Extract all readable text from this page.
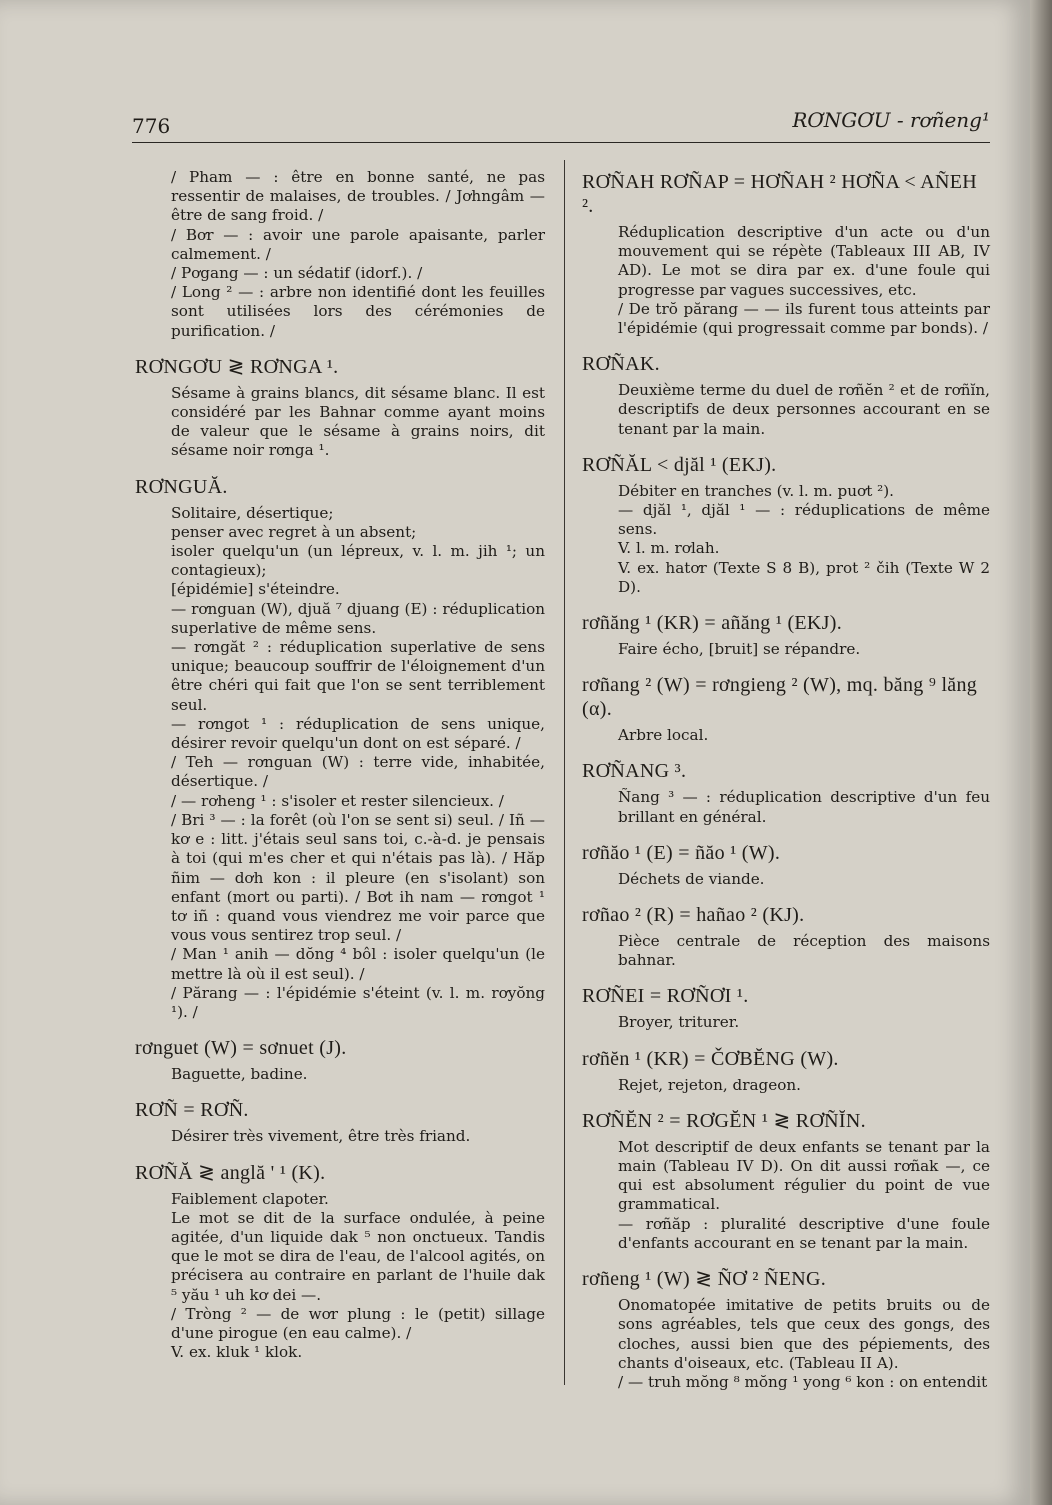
776	RƠNGƠU - rơñeng¹

/ Pham — : être en bonne santé, ne pas ressentir de malaises, de troubles. / Jơhngâm — être de sang froid. /

/ Bơr — : avoir une parole apaisante, parler calmement. /

/ Pơgang — : un sédatif (idorf.). /

/ Long ² — : arbre non identifié dont les feuilles sont utilisées lors des cérémonies de purification. /

RƠNGƠU ≷ RƠNGA ¹.

Sésame à grains blancs, dit sésame blanc. Il est considéré par les Bahnar comme ayant moins de valeur que le sésame à grains noirs, dit sésame noir rơnga ¹.

RƠNGUĂ.

Solitaire, désertique;

penser avec regret à un absent;

isoler quelqu'un (un lépreux, v. l. m. jih ¹; un contagieux);

[épidémie] s'éteindre.

— rơnguan (W), djuă ⁷ djuang (E) : réduplication superlative de même sens.

— rơngăt ² : réduplication superlative de sens unique; beaucoup souffrir de l'éloignement d'un être chéri qui fait que l'on se sent terriblement seul.

— rơngot ¹ : réduplication de sens unique, désirer revoir quelqu'un dont on est séparé. /

/ Teh — rơnguan (W) : terre vide, inhabitée, désertique. /

/ — rơheng ¹ : s'isoler et rester silencieux. /

/ Bri ³ — : la forêt (où l'on se sent si) seul. / Iñ — kơ e : litt. j'étais seul sans toi, c.-à-d. je pensais à toi (qui m'es cher et qui n'étais pas là). / Hăp ñim — dơh kon : il pleure (en s'isolant) son enfant (mort ou parti). / Bơt ih nam — rơngot ¹ tơ iñ : quand vous viendrez me voir parce que vous vous sentirez trop seul. /

/ Man ¹ anih — dŏng ⁴ bôl : isoler quelqu'un (le mettre là où il est seul). /

/ Părang — : l'épidémie s'éteint (v. l. m. rơyŏng ¹). /

rơnguet (W) = sơnuet (J).

Baguette, badine.

RƠÑ = RƠÑ.

Désirer très vivement, être très friand.

RƠÑĂ ≷ anglă ' ¹ (K).

Faiblement clapoter.

Le mot se dit de la surface ondulée, à peine agitée, d'un liquide dak ⁵ non onctueux. Tandis que le mot se dira de l'eau, de l'alcool agités, on précisera au contraire en parlant de l'huile dak ⁵ yău ¹ uh kơ dei —.

/ Tròng ² — de wơr plung : le (petit) sillage d'une pirogue (en eau calme). /

V. ex. kluk ¹ klok.

RƠÑAH RƠÑAP = HƠÑAH ² HƠÑA < AÑEH ².

Réduplication descriptive d'un acte ou d'un mouvement qui se répète (Tableaux III AB, IV AD). Le mot se dira par ex. d'une foule qui progresse par vagues successives, etc.

/ De trŏ părang — — ils furent tous atteints par l'épidémie (qui progressait comme par bonds). /

RƠÑAK.

Deuxième terme du duel de rơñĕn ² et de rơñĭn, descriptifs de deux personnes accourant en se tenant par la main.

RƠÑĂL < djăl ¹ (EKJ).

Débiter en tranches (v. l. m. puơt ²).

— djăl ¹, djăl ¹ — : réduplications de même sens.

V. l. m. rơlah.

V. ex. hatơr (Texte S 8 B), prot ² čih (Texte W 2 D).

rơñăng ¹ (KR) = añăng ¹ (EKJ).

Faire écho, [bruit] se répandre.

rơñang ² (W) = rơngieng ² (W), mq. băng ⁹ lăng (α).

Arbre local.

RƠÑANG ³.

Ñang ³ — : réduplication descriptive d'un feu brillant en général.

rơñăo ¹ (E) = ñăo ¹ (W).

Déchets de viande.

rơñao ² (R) = hañao ² (KJ).

Pièce centrale de réception des maisons bahnar.

RƠÑEI = RƠÑƠI ¹.

Broyer, triturer.

rơñĕn ¹ (KR) = ČƠBĔNG (W).

Rejet, rejeton, drageon.

RƠÑĔN ² = RƠGĔN ¹ ≷ RƠÑĬN.

Mot descriptif de deux enfants se tenant par la main (Tableau IV D). On dit aussi rơñak —, ce qui est absolument régulier du point de vue grammatical.

— rơñăp : pluralité descriptive d'une foule d'enfants accourant en se tenant par la main.

rơñeng ¹ (W) ≷ ÑƠ ² ÑENG.

Onomatopée imitative de petits bruits ou de sons agréables, tels que ceux des gongs, des cloches, aussi bien que des pépiements, des chants d'oiseaux, etc. (Tableau II A).

/ — truh mŏng ⁸ mŏng ¹ yong ⁶ kon : on entendit
